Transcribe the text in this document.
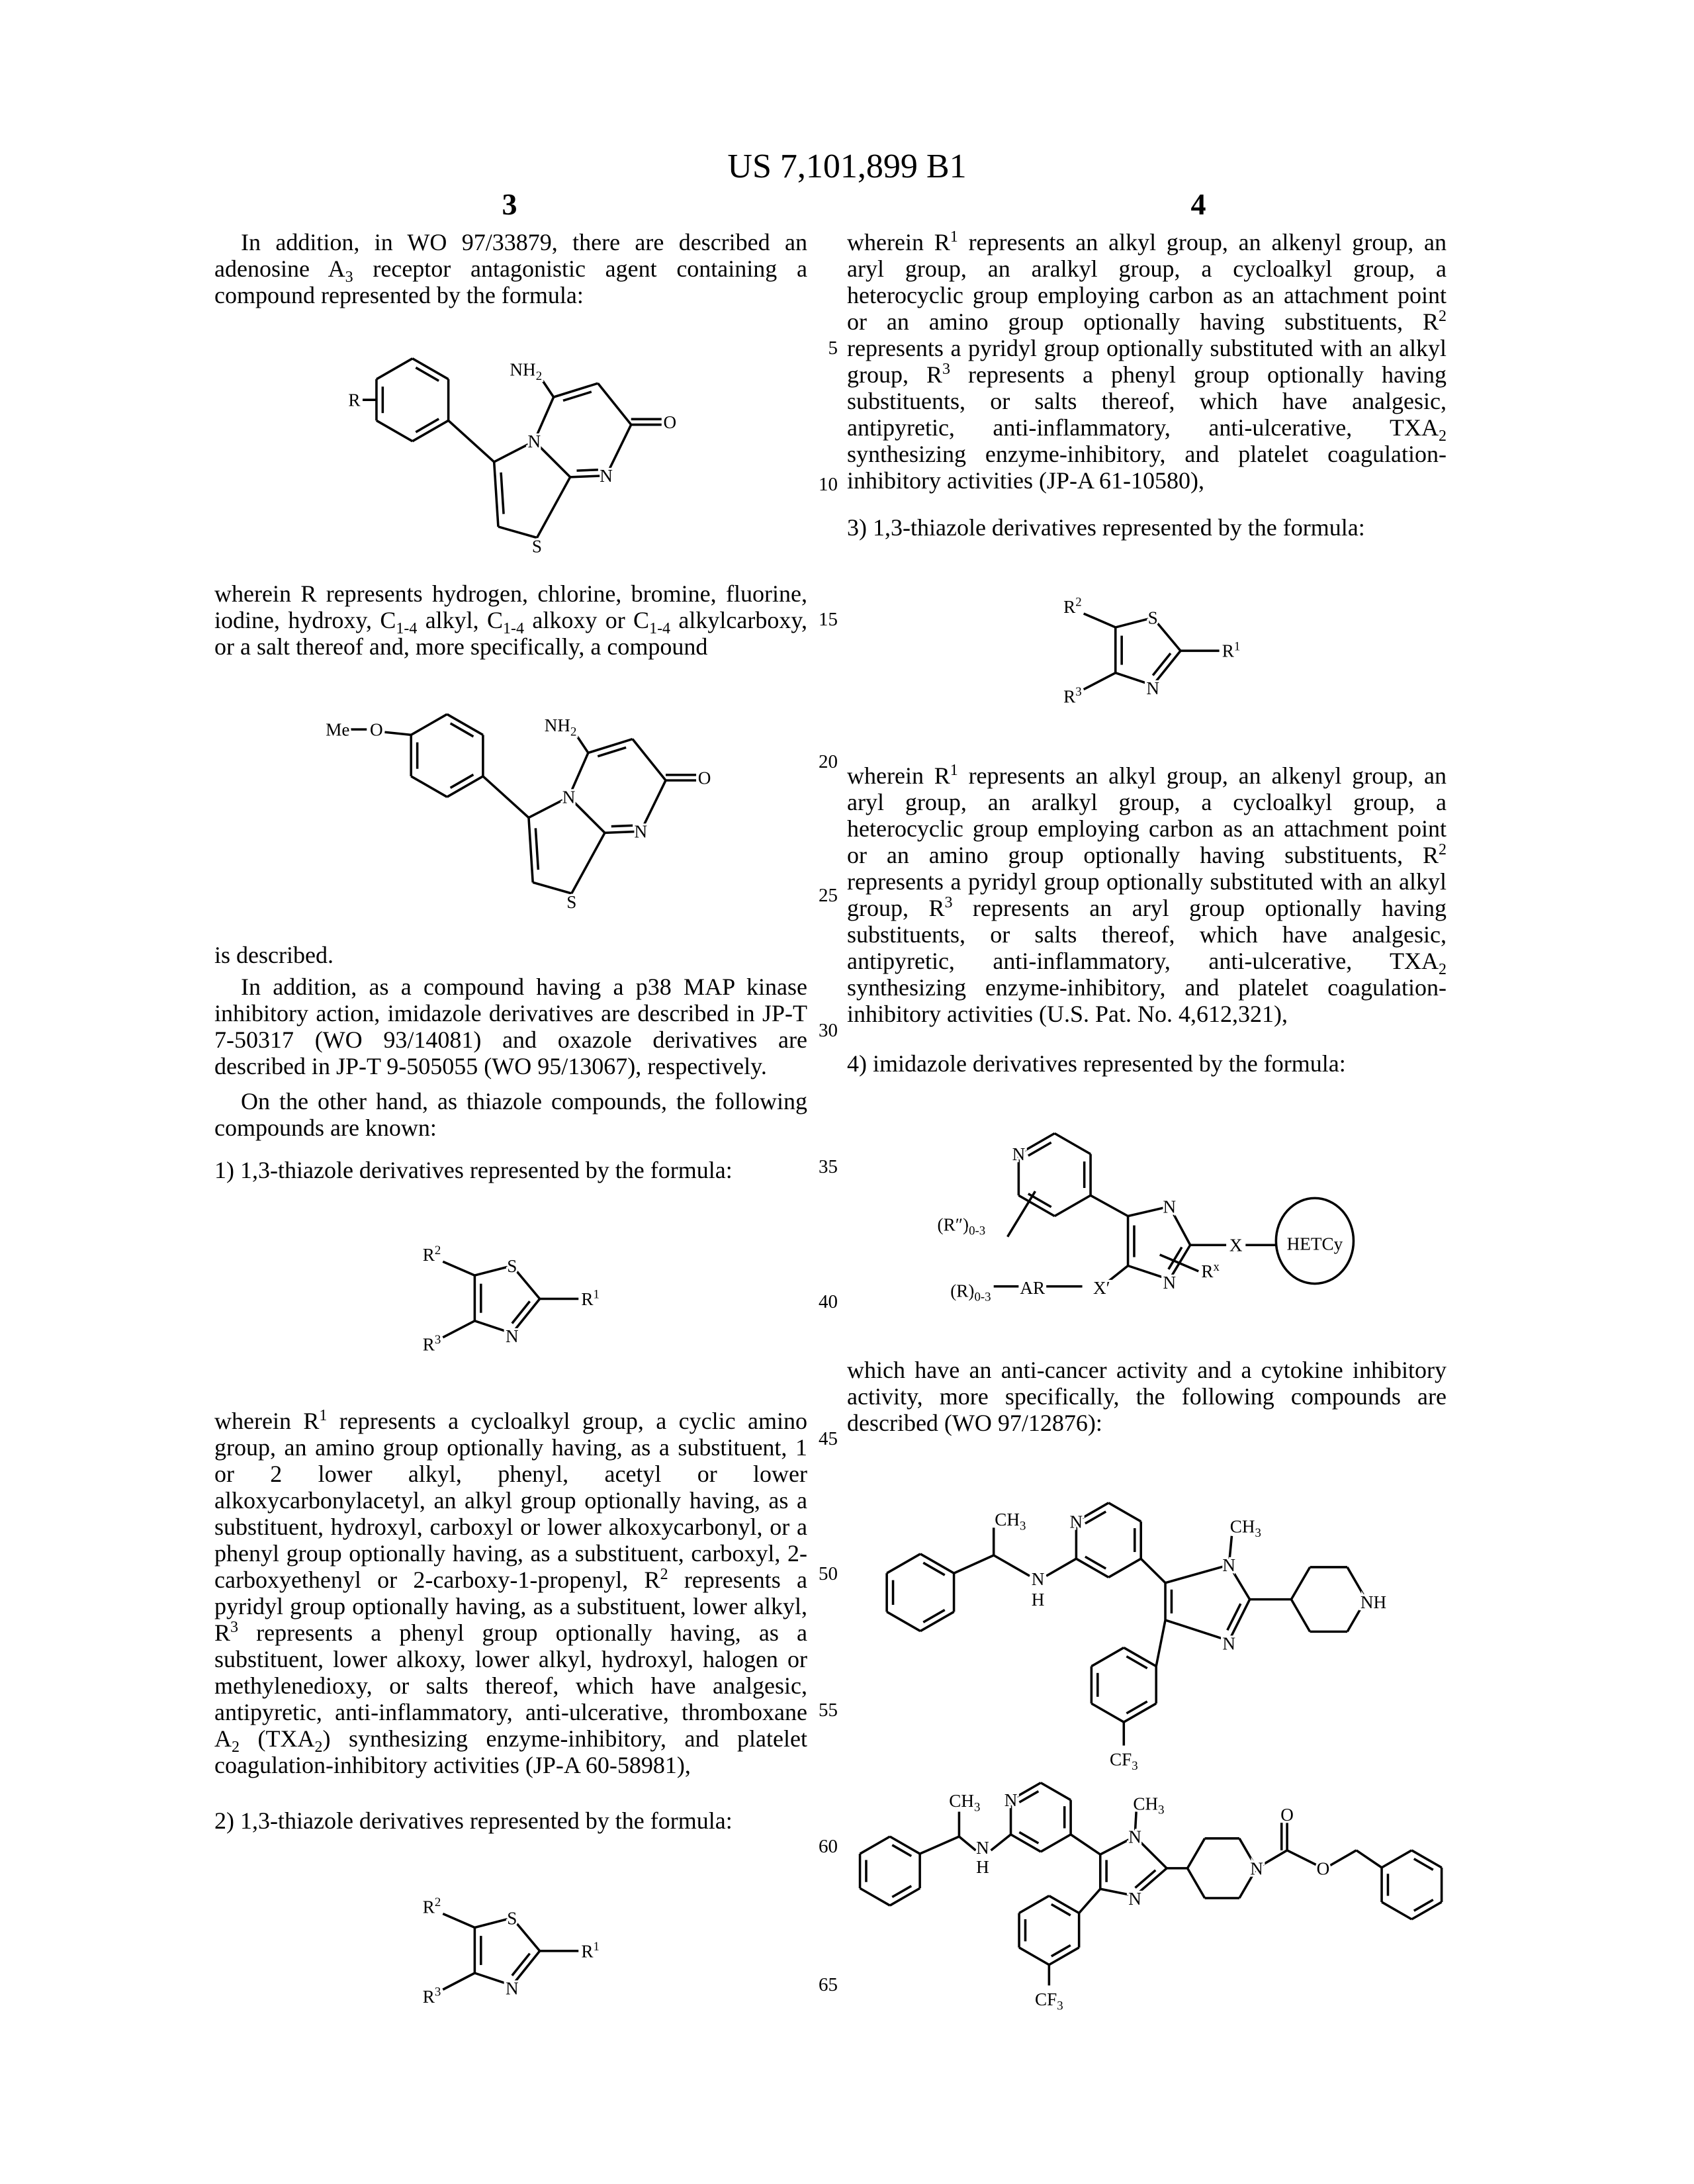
US 7,101,899 B1
3	4

In addition, in WO 97/33879, there are described an adenosine A3 receptor antagonistic agent containing a compound represented by the formula:

wherein R represents hydrogen, chlorine, bromine, fluorine, iodine, hydroxy, C1-4 alkyl, C1-4 alkoxy or C1-4 alkylcarboxy, or a salt thereof and, more specifically, a compound

is described.

In addition, as a compound having a p38 MAP kinase inhibitory action, imidazole derivatives are described in JP-T 7-50317 (WO 93/14081) and oxazole derivatives are described in JP-T 9-505055 (WO 95/13067), respectively.

On the other hand, as thiazole compounds, the following compounds are known:

1) 1,3-thiazole derivatives represented by the formula:

wherein R1 represents a cycloalkyl group, a cyclic amino group, an amino group optionally having, as a substituent, 1 or 2 lower alkyl, phenyl, acetyl or lower alkoxycarbonylacetyl, an alkyl group optionally having, as a substituent, hydroxyl, carboxyl or lower alkoxycarbonyl, or a phenyl group optionally having, as a substituent, carboxyl, 2-carboxyethenyl or 2-carboxy-1-propenyl, R2 represents a pyridyl group optionally having, as a substituent, lower alkyl, R3 represents a phenyl group optionally having, as a substituent, lower alkoxy, lower alkyl, hydroxyl, halogen or methylenedioxy, or salts thereof, which have analgesic, antipyretic, anti-inflammatory, anti-ulcerative, thromboxane A2 (TXA2) synthesizing enzyme-inhibitory, and platelet coagulation-inhibitory activities (JP-A 60-58981),

2) 1,3-thiazole derivatives represented by the formula:

wherein R1 represents an alkyl group, an alkenyl group, an aryl group, an aralkyl group, a cycloalkyl group, a heterocyclic group employing carbon as an attachment point or an amino group optionally having substituents, R2 represents a pyridyl group optionally substituted with an alkyl group, R3 represents a phenyl group optionally having substituents, or salts thereof, which have analgesic, antipyretic, anti-inflammatory, anti-ulcerative, TXA2 synthesizing enzyme-inhibitory, and platelet coagulation-inhibitory activities (JP-A 61-10580),

3) 1,3-thiazole derivatives represented by the formula:

wherein R1 represents an alkyl group, an alkenyl group, an aryl group, an aralkyl group, a cycloalkyl group, a heterocyclic group employing carbon as an attachment point or an amino group optionally having substituents, R2 represents a pyridyl group optionally substituted with an alkyl group, R3 represents an aryl group optionally having substituents, or salts thereof, which have analgesic, antipyretic, anti-inflammatory, anti-ulcerative, TXA2 synthesizing enzyme-inhibitory, and platelet coagulation-inhibitory activities (U.S. Pat. No. 4,612,321),

4) imidazole derivatives represented by the formula:

which have an anti-cancer activity and a cytokine inhibitory activity, more specifically, the following compounds are described (WO 97/12876):

5
10
15
20
25
30
35
40
45
50
55
60
65
NH2
N
N
S
O
R
NH2
N
N
S
O
Me O
R2
S
R1
R3	N
R2
S
R1
R3	N
R2
S
R1
R3	N
N
(R″)0-3
N
N
X	HETCy
Rx
(R)0-3	AR	X′
CH3
N
H
N	CH3
N
N
NH
CF3
CH3
N
H
N	CH3
N
N
N
O
O
CF3
